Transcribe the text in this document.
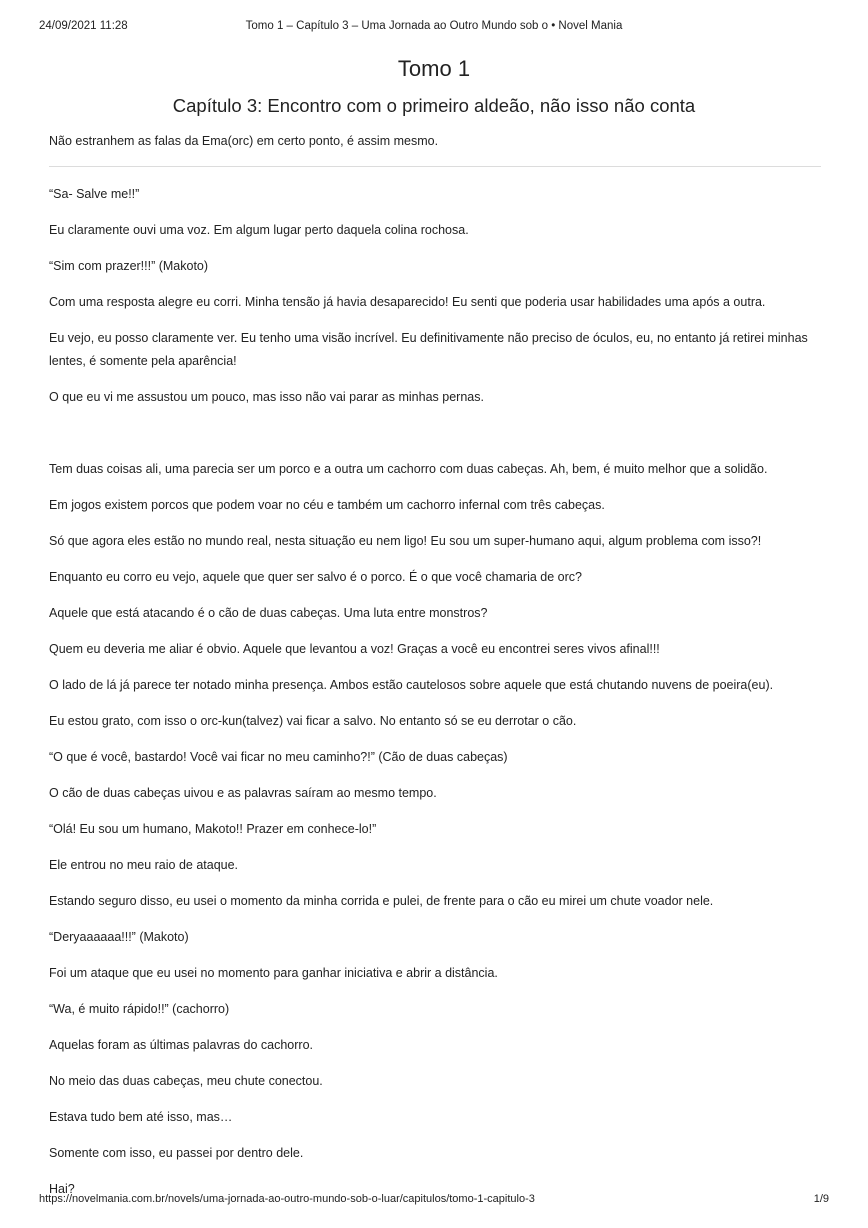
24/09/2021 11:28	Tomo 1 – Capítulo 3 – Uma Jornada ao Outro Mundo sob o • Novel Mania
Tomo 1
Capítulo 3: Encontro com o primeiro aldeão, não isso não conta
Não estranhem as falas da Ema(orc) em certo ponto, é assim mesmo.

“Sa- Salve me!!”

Eu claramente ouvi uma voz. Em algum lugar perto daquela colina rochosa.

“Sim com prazer!!!” (Makoto)

Com uma resposta alegre eu corri. Minha tensão já havia desaparecido! Eu senti que poderia usar habilidades uma após a outra.

Eu vejo, eu posso claramente ver. Eu tenho uma visão incrível. Eu definitivamente não preciso de óculos, eu, no entanto já retirei minhas lentes, é somente pela aparência!

O que eu vi me assustou um pouco, mas isso não vai parar as minhas pernas.

Tem duas coisas ali, uma parecia ser um porco e a outra um cachorro com duas cabeças. Ah, bem, é muito melhor que a solidão.

Em jogos existem porcos que podem voar no céu e também um cachorro infernal com três cabeças.

Só que agora eles estão no mundo real, nesta situação eu nem ligo! Eu sou um super-humano aqui, algum problema com isso?!

Enquanto eu corro eu vejo, aquele que quer ser salvo é o porco. É o que você chamaria de orc?

Aquele que está atacando é o cão de duas cabeças. Uma luta entre monstros?

Quem eu deveria me aliar é obvio. Aquele que levantou a voz! Graças a você eu encontrei seres vivos afinal!!!

O lado de lá já parece ter notado minha presença. Ambos estão cautelosos sobre aquele que está chutando nuvens de poeira(eu).

Eu estou grato, com isso o orc-kun(talvez) vai ficar a salvo. No entanto só se eu derrotar o cão.

“O que é você, bastardo! Você vai ficar no meu caminho?!” (Cão de duas cabeças)

O cão de duas cabeças uivou e as palavras saíram ao mesmo tempo.

“Olá! Eu sou um humano, Makoto!! Prazer em conhece-lo!”

Ele entrou no meu raio de ataque.

Estando seguro disso, eu usei o momento da minha corrida e pulei, de frente para o cão eu mirei um chute voador nele.

“Deryaaaaaa!!!” (Makoto)

Foi um ataque que eu usei no momento para ganhar iniciativa e abrir a distância.

“Wa, é muito rápido!!” (cachorro)

Aquelas foram as últimas palavras do cachorro.

No meio das duas cabeças, meu chute conectou.

Estava tudo bem até isso, mas…

Somente com isso, eu passei por dentro dele.

Hai?

https://novelmania.com.br/novels/uma-jornada-ao-outro-mundo-sob-o-luar/capitulos/tomo-1-capitulo-3	1/9
